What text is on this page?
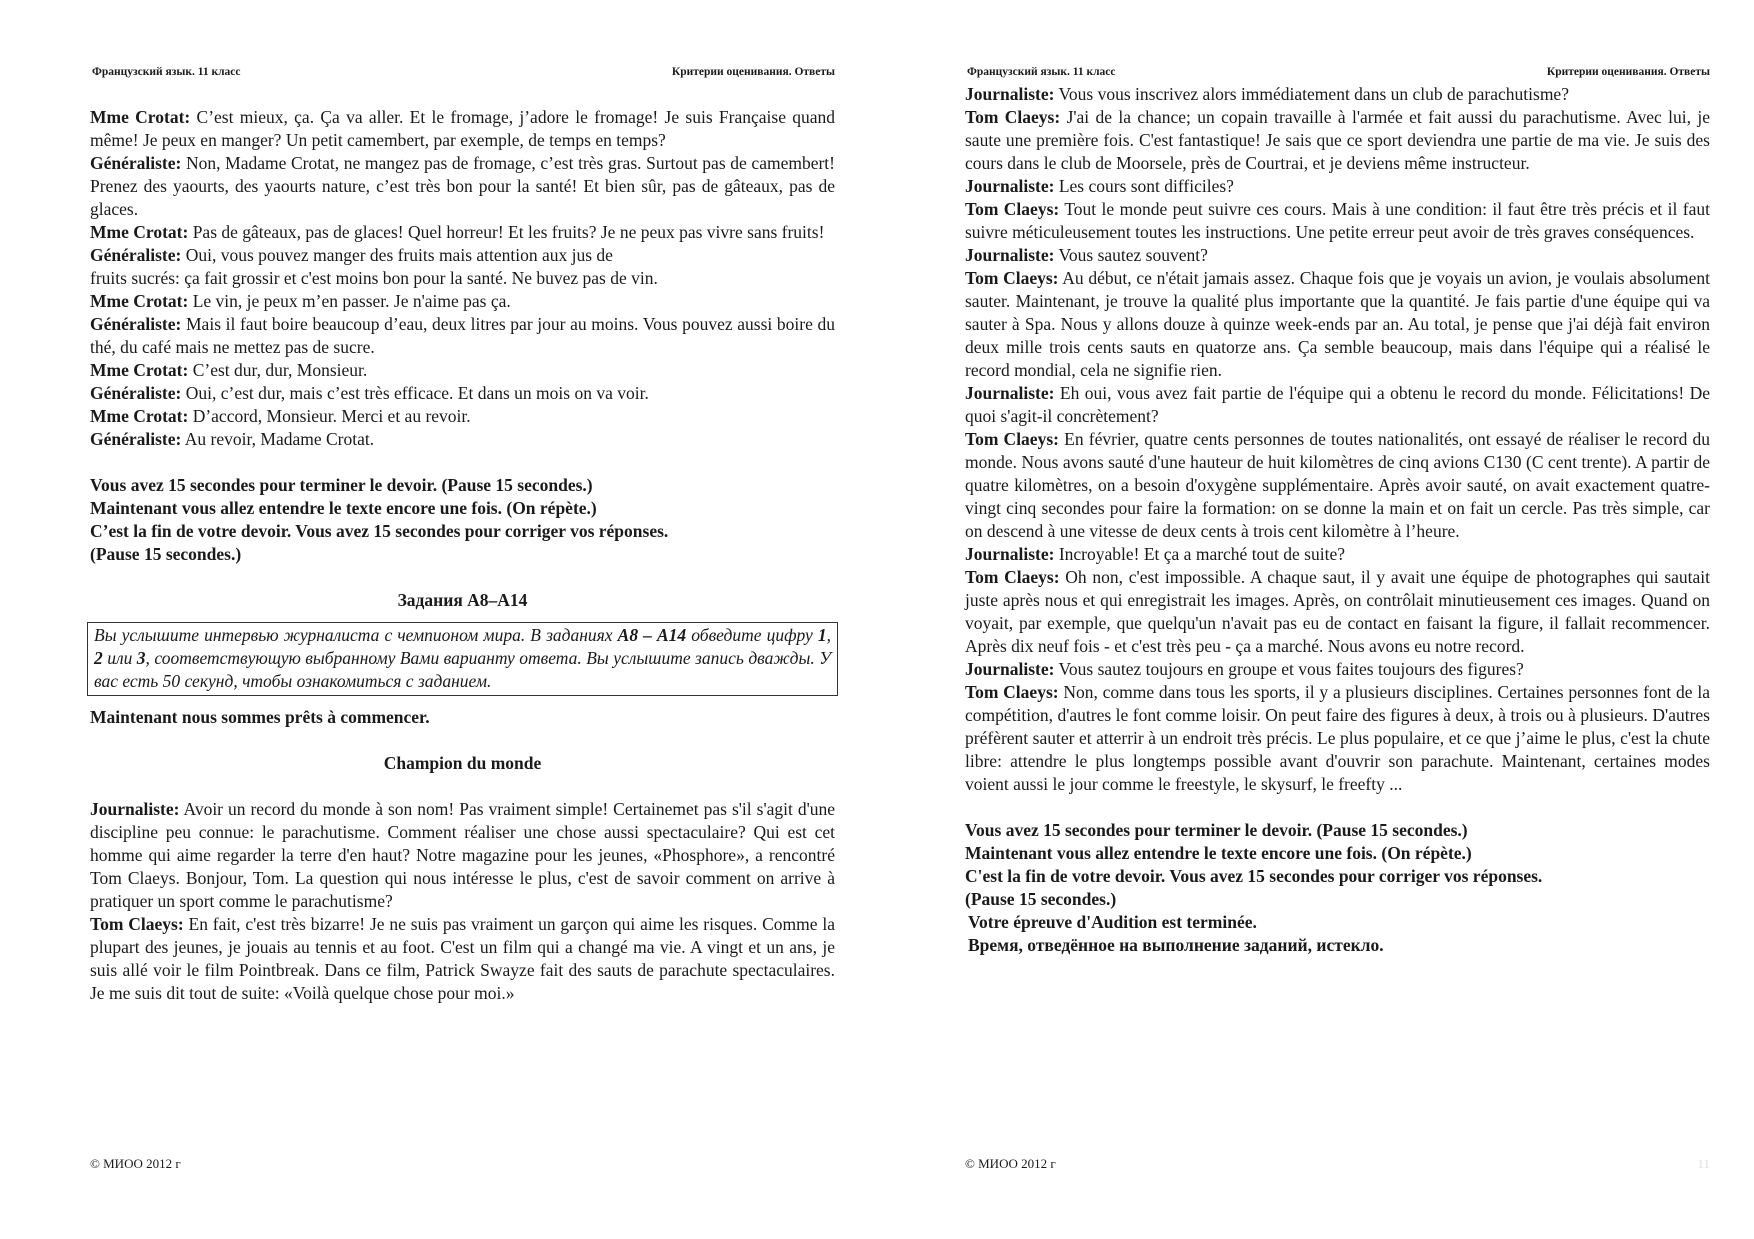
Французский язык. 11 класс	Критерии оценивания. Ответы

Mme Crotat: C’est mieux, ça. Ça va aller. Et le fromage, j’adore le fromage! Je suis Française quand même! Je peux en manger? Un petit camembert, par exemple, de temps en temps?

Généraliste: Non, Madame Crotat, ne mangez pas de fromage, c’est très gras. Surtout pas de camembert! Prenez des yaourts, des yaourts nature, c’est très bon pour la santé! Et bien sûr, pas de gâteaux, pas de glaces.

Mme Crotat: Pas de gâteaux, pas de glaces! Quel horreur! Et les fruits? Je ne peux pas vivre sans fruits!

Généraliste: Oui, vous pouvez manger des fruits mais attention aux jus de

fruits sucrés: ça fait grossir et c'est moins bon pour la santé. Ne buvez pas de vin.

Mme Crotat: Le vin, je peux m’en passer. Je n'aime pas ça.

Généraliste: Mais il faut boire beaucoup d’eau, deux litres par jour au moins. Vous pouvez aussi boire du thé, du café mais ne mettez pas de sucre.

Mme Crotat: C’est dur, dur, Monsieur.

Généraliste: Oui, c’est dur, mais c’est très efficace. Et dans un mois on va voir.

Mme Crotat: D’accord, Monsieur. Merci et au revoir.

Généraliste: Au revoir, Madame Crotat.

Vous avez 15 secondes pour terminer le devoir. (Pause 15 secondes.)
Maintenant vous allez entendre le texte encore une fois. (On répète.)
C’est la fin de votre devoir. Vous avez 15 secondes pour corriger vos réponses.
(Pause 15 secondes.)
Задания А8–А14
Вы услышите интервью журналиста с чемпионом мира. В заданиях А8 – А14 обведите цифру 1, 2 или 3, соответствующую выбранному Вами варианту ответа. Вы услышите запись дважды. У вас есть 50 секунд, чтобы ознакомиться с заданием.
Maintenant nous sommes prêts à commencer.
Champion du monde

Journaliste: Avoir un record du monde à son nom! Pas vraiment simple! Certainemet pas s'il s'agit d'une discipline peu connue: le parachutisme. Comment réaliser une chose aussi spectaculaire? Qui est cet homme qui aime regarder la terre d'en haut? Notre magazine pour les jeunes, «Phosphore», a rencontré Tom Claeys. Bonjour, Tom. La question qui nous intéresse le plus, c'est de savoir comment on arrive à pratiquer un sport comme le parachutisme?

Tom Claeys: En fait, c'est très bizarre! Je ne suis pas vraiment un garçon qui aime les risques. Comme la plupart des jeunes, je jouais au tennis et au foot. C'est un film qui a changé ma vie. A vingt et un ans, je suis allé voir le film Pointbreak. Dans ce film, Patrick Swayze fait des sauts de parachute spectaculaires. Je me suis dit tout de suite: «Voilà quelque chose pour moi.»

© МИОО 2012 г
Французский язык. 11 класс	Критерии оценивания. Ответы

Journaliste: Vous vous inscrivez alors immédiatement dans un club de parachutisme?

Tom Claeys: J'ai de la chance; un copain travaille à l'armée et fait aussi du parachutisme. Avec lui, je saute une première fois. C'est fantastique! Je sais que ce sport deviendra une partie de ma vie. Je suis des cours dans le club de Moorsele, près de Courtrai, et je deviens même instructeur.

Journaliste: Les cours sont difficiles?

Tom Claeys: Tout le monde peut suivre ces cours. Mais à une condition: il faut être très précis et il faut suivre méticuleusement toutes les instructions. Une petite erreur peut avoir de très graves conséquences.

Journaliste: Vous sautez souvent?

Tom Claeys: Au début, ce n'était jamais assez. Chaque fois que je voyais un avion, je voulais absolument sauter. Maintenant, je trouve la qualité plus importante que la quantité. Je fais partie d'une équipe qui va sauter à Spa. Nous y allons douze à quinze week-ends par an. Au total, je pense que j'ai déjà fait environ deux mille trois cents sauts en quatorze ans. Ça semble beaucoup, mais dans l'équipe qui a réalisé le record mondial, cela ne signifie rien.

Journaliste: Eh oui, vous avez fait partie de l'équipe qui a obtenu le record du monde. Félicitations! De quoi s'agit-il concrètement?

Tom Claeys: En février, quatre cents personnes de toutes nationalités, ont essayé de réaliser le record du monde. Nous avons sauté d'une hauteur de huit kilomètres de cinq avions C130 (C cent trente). A partir de quatre kilomètres, on a besoin d'oxygène supplémentaire. Après avoir sauté, on avait exactement quatre-vingt cinq secondes pour faire la formation: on se donne la main et on fait un cercle. Pas très simple, car on descend à une vitesse de deux cents à trois cent kilomètre à l’heure.

Journaliste: Incroyable! Et ça a marché tout de suite?

Tom Claeys: Oh non, c'est impossible. A chaque saut, il y avait une équipe de photographes qui sautait juste après nous et qui enregistrait les images. Après, on contrôlait minutieusement ces images. Quand on voyait, par exemple, que quelqu'un n'avait pas eu de contact en faisant la figure, il fallait recommencer. Après dix neuf fois - et c'est très peu - ça a marché. Nous avons eu notre record.

Journaliste: Vous sautez toujours en groupe et vous faites toujours des figures?

Tom Claeys: Non, comme dans tous les sports, il y a plusieurs disciplines. Certaines personnes font de la compétition, d'autres le font comme loisir. On peut faire des figures à deux, à trois ou à plusieurs. D'autres préfèrent sauter et atterrir à un endroit très précis. Le plus populaire, et ce que j’aime le plus, c'est la chute libre: attendre le plus longtemps possible avant d'ouvrir son parachute. Maintenant, certaines modes voient aussi le jour comme le freestyle, le skysurf, le freefty ...

Vous avez 15 secondes pour terminer le devoir. (Pause 15 secondes.)
Maintenant vous allez entendre le texte encore une fois. (On répète.)
C'est la fin de votre devoir. Vous avez 15 secondes pour corriger vos réponses.
(Pause 15 secondes.)
Votre épreuve d'Audition est terminée.
Время, отведённое на выполнение заданий, истекло.
© МИОО 2012 г	11
